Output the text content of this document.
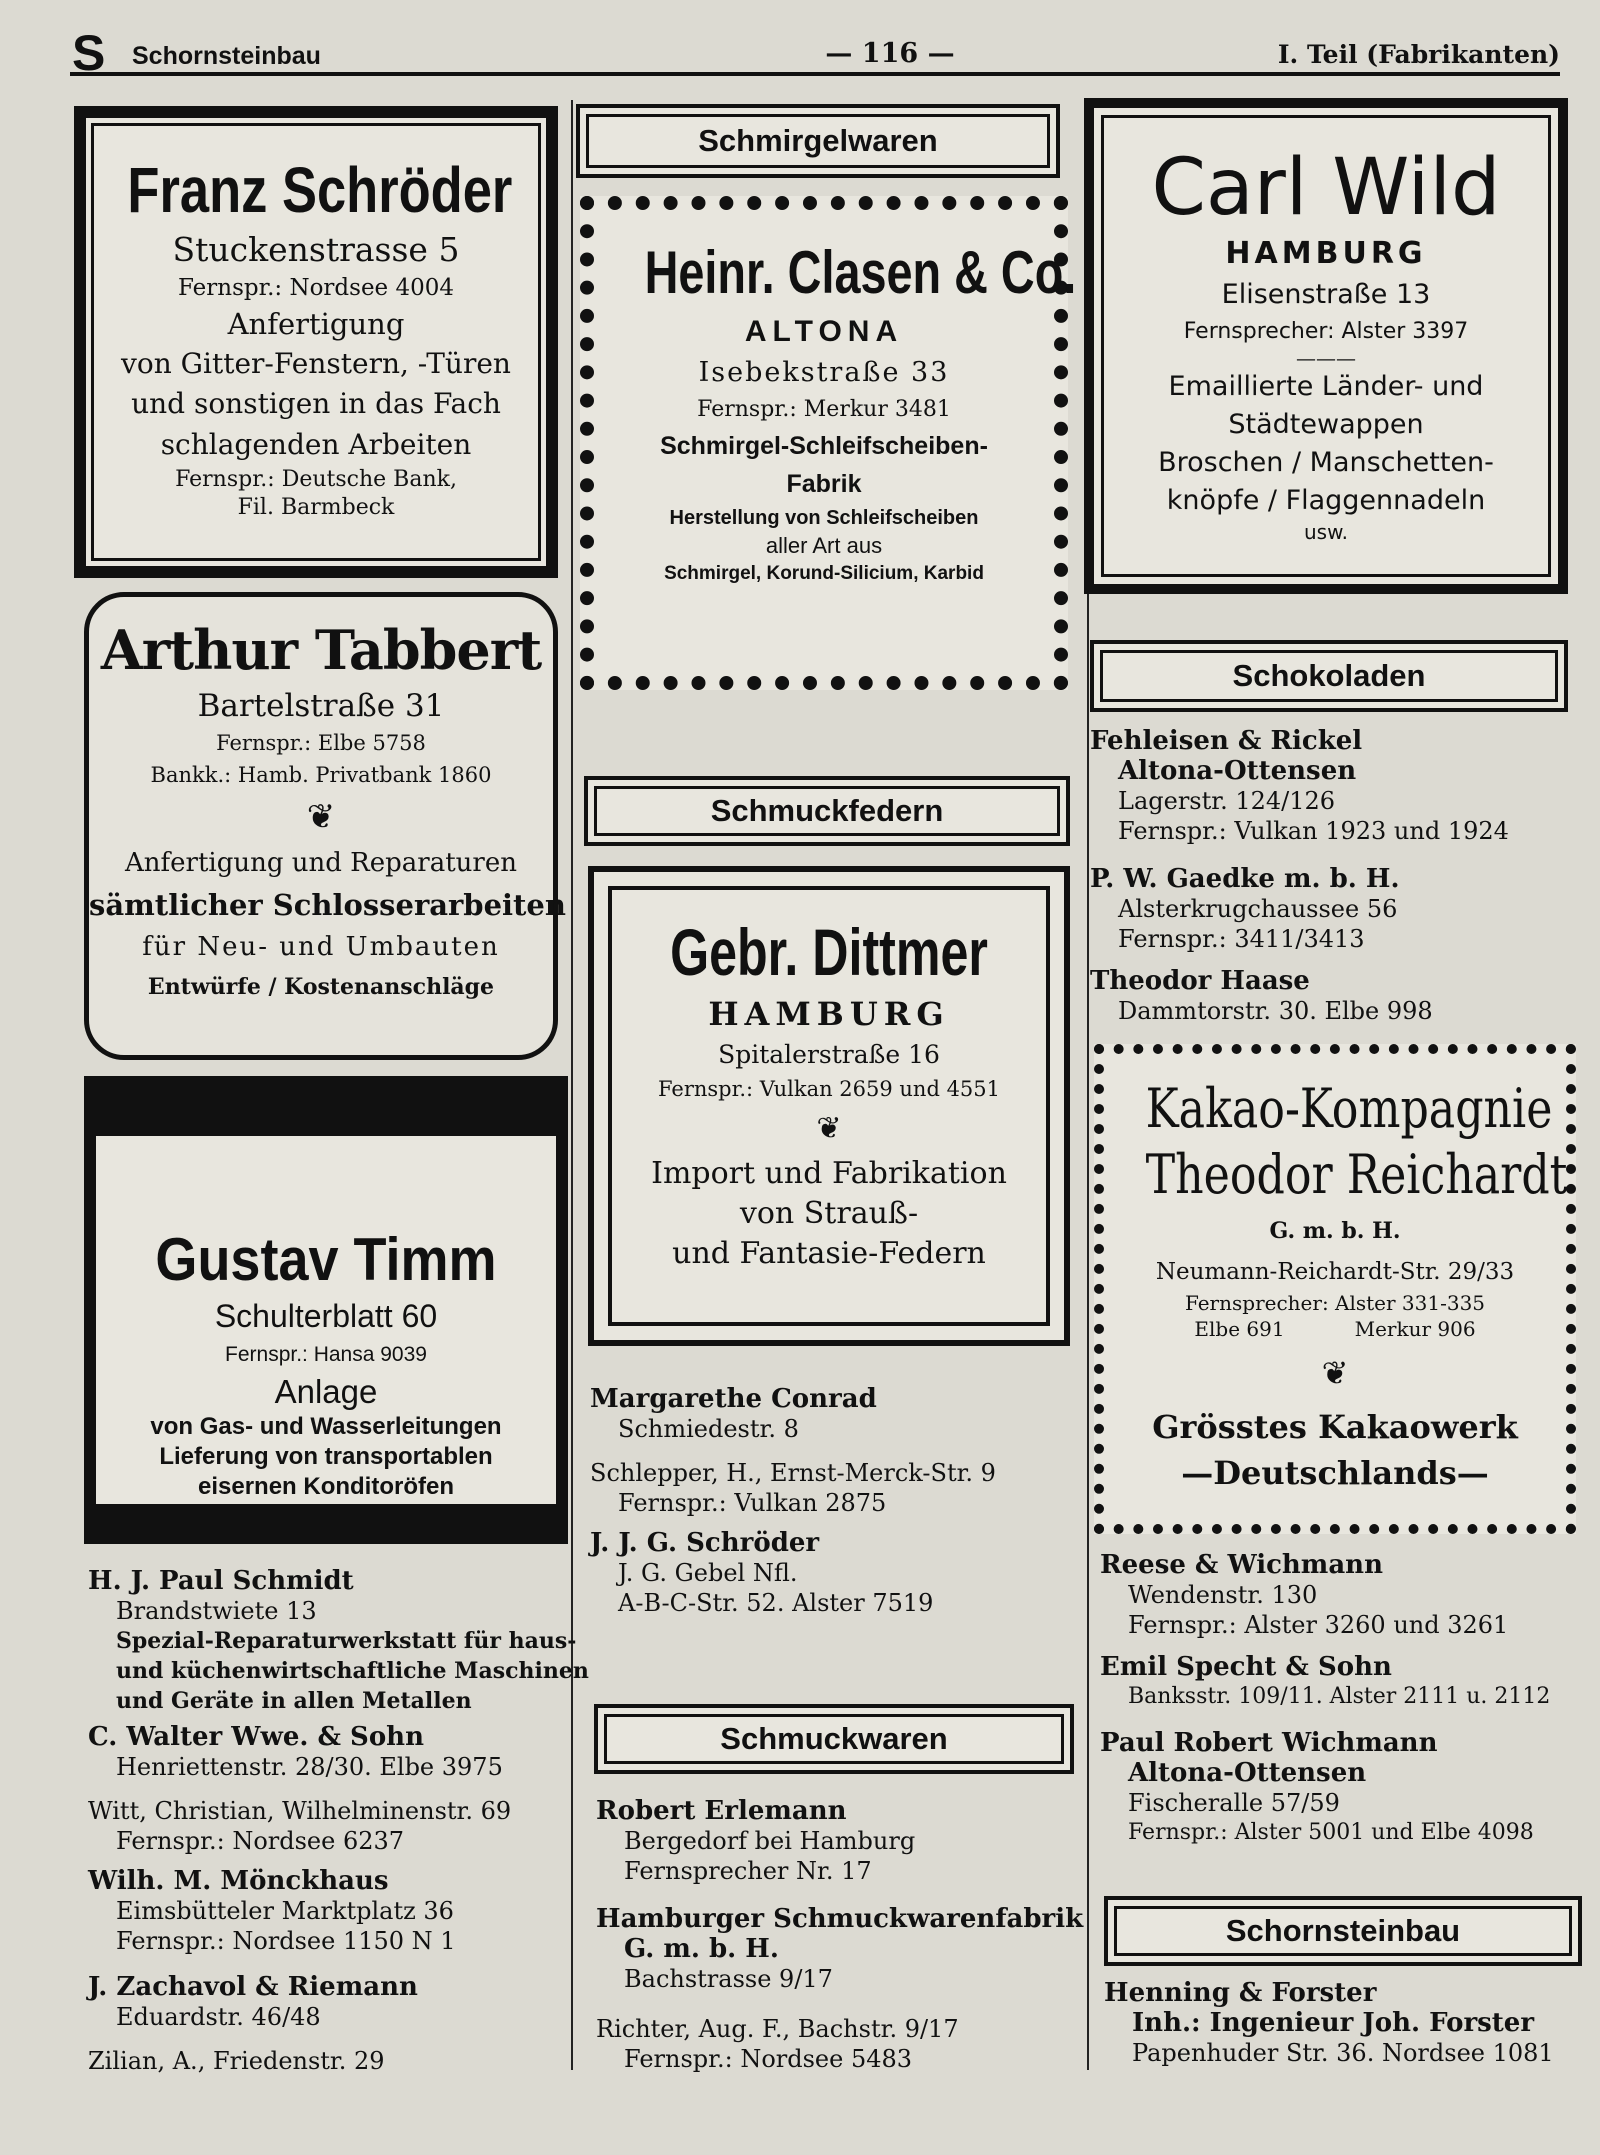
S Schornsteinbau	— 116 —	I. Teil (Fabrikanten)
Franz Schröder
Stuckenstrasse 5
Fernspr.: Nordsee 4004
Anfertigung
von Gitter-Fenstern, -Türen
und sonstigen in das Fach
schlagenden Arbeiten
Fernspr.: Deutsche Bank,
Fil. Barmbeck
Arthur Tabbert
Bartelstraße 31
Fernspr.: Elbe 5758
Bankk.: Hamb. Privatbank 1860
❦
Anfertigung und Reparaturen
sämtlicher Schlosserarbeiten
für Neu- und Umbauten
Entwürfe / Kostenanschläge
Gustav Timm
Schulterblatt 60
Fernspr.: Hansa 9039
Anlage
von Gas- und Wasserleitungen
Lieferung von transportablen
eisernen Konditoröfen
H. J. Paul Schmidt
Brandstwiete 13
Spezial-Reparaturwerkstatt für haus-
und küchenwirtschaftliche Maschinen
und Geräte in allen Metallen
C. Walter Wwe. & Sohn
Henriettenstr. 28/30. Elbe 3975
Witt, Christian, Wilhelminenstr. 69
Fernspr.: Nordsee 6237
Wilh. M. Mönckhaus
Eimsbütteler Marktplatz 36
Fernspr.: Nordsee 1150 N 1
J. Zachavol & Riemann
Eduardstr. 46/48
Zilian, A., Friedenstr. 29
Schmirgelwaren
Heinr. Clasen & Co.
ALTONA
Isebekstraße 33
Fernspr.: Merkur 3481
Schmirgel-Schleifscheiben-
Fabrik
Herstellung von Schleifscheiben
aller Art aus
Schmirgel, Korund-Silicium, Karbid
Schmuckfedern
Gebr. Dittmer
HAMBURG
Spitalerstraße 16
Fernspr.: Vulkan 2659 und 4551
❦
Import und Fabrikation
von Strauß-
und Fantasie-Federn
Margarethe Conrad
Schmiedestr. 8
Schlepper, H., Ernst-Merck-Str. 9
Fernspr.: Vulkan 2875
J. J. G. Schröder
J. G. Gebel Nfl.
A-B-C-Str. 52. Alster 7519
Schmuckwaren
Robert Erlemann
Bergedorf bei Hamburg
Fernsprecher Nr. 17
Hamburger Schmuckwarenfabrik
G. m. b. H.
Bachstrasse 9/17
Richter, Aug. F., Bachstr. 9/17
Fernspr.: Nordsee 5483
Carl Wild
HAMBURG
Elisenstraße 13
Fernsprecher: Alster 3397
———
Emaillierte Länder- und
Städtewappen
Broschen / Manschetten-
knöpfe / Flaggennadeln
usw.
Schokoladen
Fehleisen & Rickel
Altona-Ottensen
Lagerstr. 124/126
Fernspr.: Vulkan 1923 und 1924
P. W. Gaedke m. b. H.
Alsterkrugchaussee 56
Fernspr.: 3411/3413
Theodor Haase
Dammtorstr. 30. Elbe 998
Kakao-Kompagnie
Theodor Reichardt
G. m. b. H.
Neumann-Reichardt-Str. 29/33
Fernsprecher: Alster 331-335
Elbe 691	Merkur 906
❦
Grösstes Kakaowerk
—Deutschlands—
Reese & Wichmann
Wendenstr. 130
Fernspr.: Alster 3260 und 3261
Emil Specht & Sohn
Banksstr. 109/11. Alster 2111 u. 2112
Paul Robert Wichmann
Altona-Ottensen
Fischeralle 57/59
Fernspr.: Alster 5001 und Elbe 4098
Schornsteinbau
Henning & Forster
Inh.: Ingenieur Joh. Forster
Papenhuder Str. 36. Nordsee 1081
